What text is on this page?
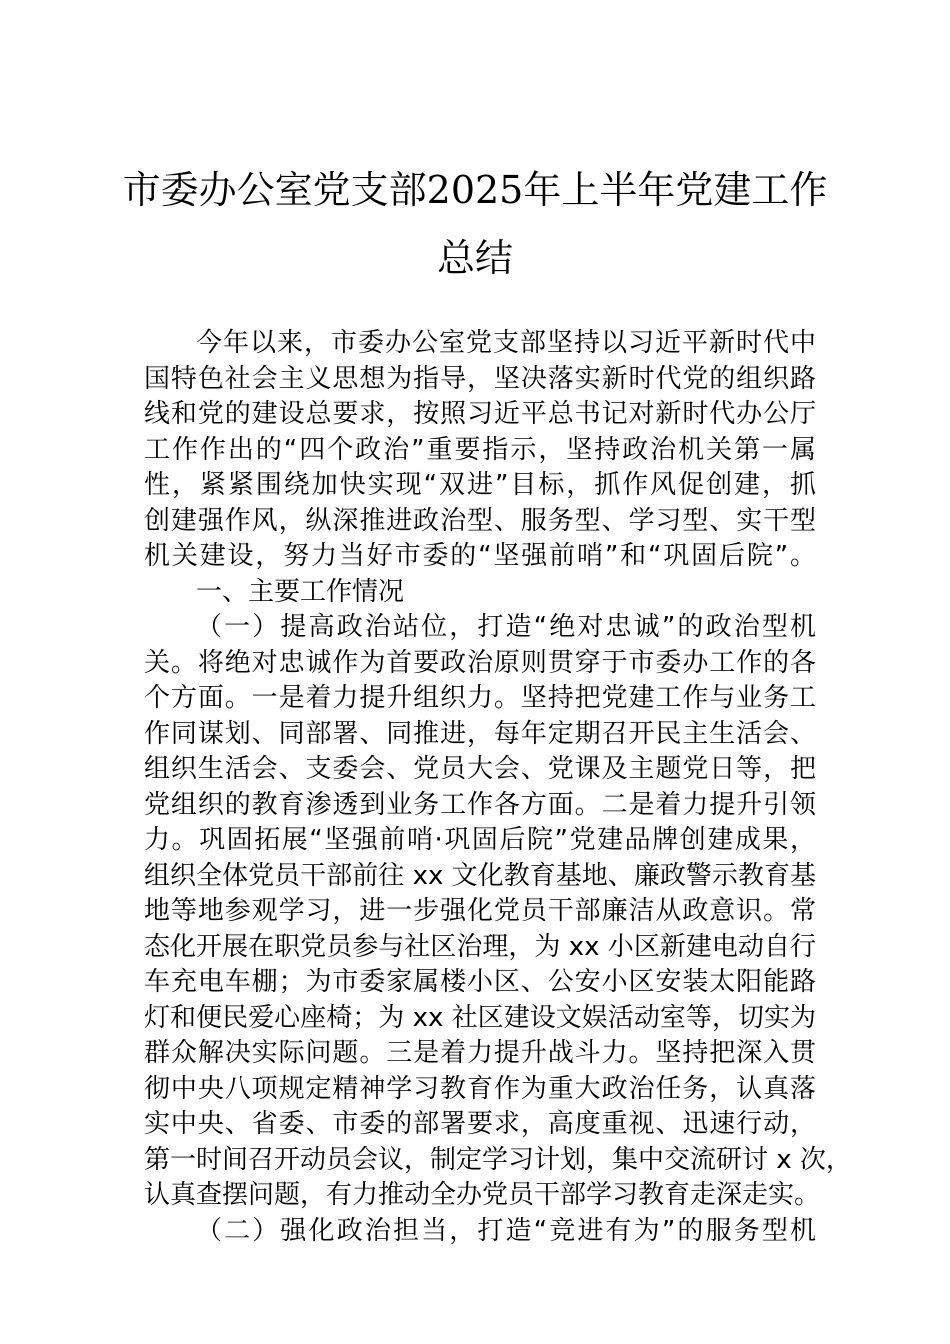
市委办公室党支部2025年上半年党建工作
总结
今年以来，市委办公室党支部坚持以习近平新时代中
国特色社会主义思想为指导，坚决落实新时代党的组织路
线和党的建设总要求，按照习近平总书记对新时代办公厅
工作作出的“四个政治”重要指示，坚持政治机关第一属
性，紧紧围绕加快实现“双进”目标，抓作风促创建，抓
创建强作风，纵深推进政治型、服务型、学习型、实干型
机关建设，努力当好市委的“坚强前哨”和“巩固后院”。
一、主要工作情况
（一）提高政治站位，打造“绝对忠诚”的政治型机
关。将绝对忠诚作为首要政治原则贯穿于市委办工作的各
个方面。一是着力提升组织力。坚持把党建工作与业务工
作同谋划、同部署、同推进，每年定期召开民主生活会、
组织生活会、支委会、党员大会、党课及主题党日等，把
党组织的教育渗透到业务工作各方面。二是着力提升引领
力。巩固拓展“坚强前哨·巩固后院”党建品牌创建成果，
组织全体党员干部前往 xx 文化教育基地、廉政警示教育基
地等地参观学习，进一步强化党员干部廉洁从政意识。常
态化开展在职党员参与社区治理，为 xx 小区新建电动自行
车充电车棚；为市委家属楼小区、公安小区安装太阳能路
灯和便民爱心座椅；为 xx 社区建设文娱活动室等，切实为
群众解决实际问题。三是着力提升战斗力。坚持把深入贯
彻中央八项规定精神学习教育作为重大政治任务，认真落
实中央、省委、市委的部署要求，高度重视、迅速行动，
第一时间召开动员会议，制定学习计划，集中交流研讨 x 次，
认真查摆问题，有力推动全办党员干部学习教育走深走实。
（二）强化政治担当，打造“竞进有为”的服务型机
